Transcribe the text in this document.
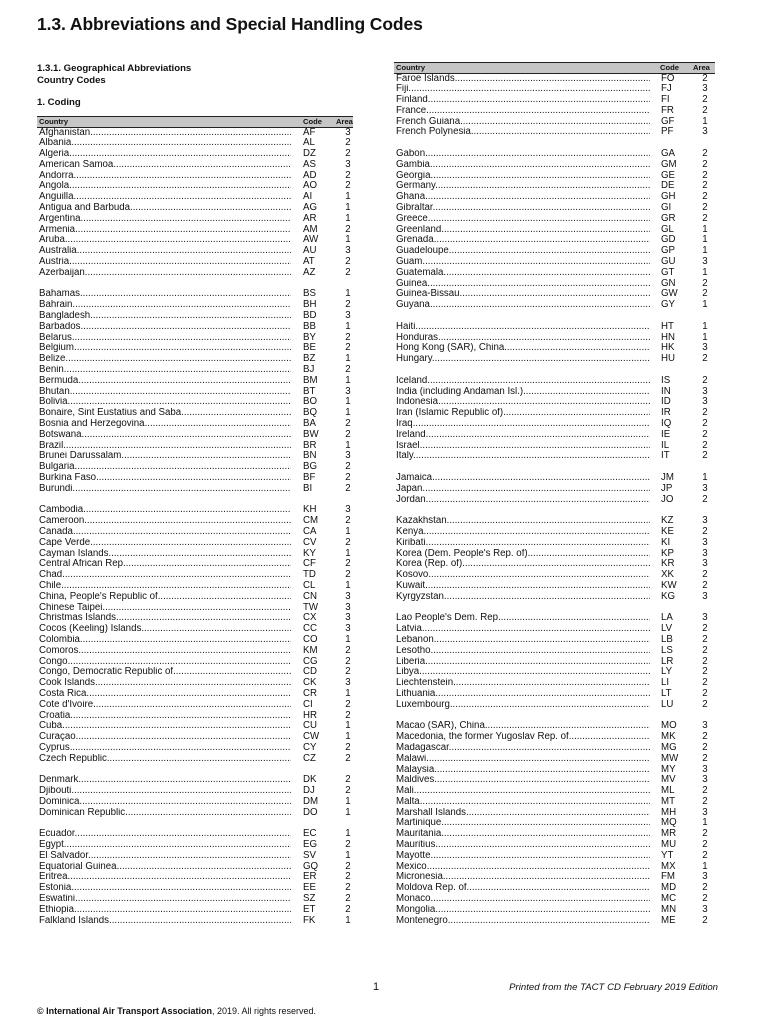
1.3. Abbreviations and Special Handling Codes
1.3.1. Geographical Abbreviations
Country Codes
1. Coding
Country	Code Area
Afghanistan .....	AF	3
Albania .....	AL	2
Algeria .....	DZ	2
American Samoa .....	AS	3
Andorra .....	AD	2
Angola .....	AO	2
Anguilla .....	AI	1
Antigua and Barbuda .....	AG	1
Argentina .....	AR	1
Armenia .....	AM	2
Aruba .....	AW	1
Australia .....	AU	3
Austria .....	AT	2
Azerbaijan .....	AZ	2
Bahamas .....	BS	1
Bahrain .....	BH	2
Bangladesh .....	BD	3
Barbados .....	BB	1
Belarus .....	BY	2
Belgium .....	BE	2
Belize .....	BZ	1
Benin .....	BJ	2
Bermuda .....	BM	1
Bhutan .....	BT	3
Bolivia .....	BO	1
Bonaire, Sint Eustatius and Saba .....	BQ	1
Bosnia and Herzegovina .....	BA	2
Botswana .....	BW	2
Brazil .....	BR	1
Brunei Darussalam .....	BN	3
Bulgaria .....	BG	2
Burkina Faso .....	BF	2
Burundi .....	BI	2
Cambodia .....	KH	3
Cameroon .....	CM	2
Canada .....	CA	1
Cape Verde .....	CV	2
Cayman Islands .....	KY	1
Central African Rep. .....	CF	2
Chad .....	TD	2
Chile .....	CL	1
China, People's Republic of .....	CN	3
Chinese Taipei .....	TW	3
Christmas Islands .....	CX	3
Cocos (Keeling) Islands .....	CC	3
Colombia .....	CO	1
Comoros .....	KM	2
Congo .....	CG	2
Congo, Democratic Republic of .....	CD	2
Cook Islands .....	CK	3
Costa Rica .....	CR	1
Cote d'Ivoire .....	CI	2
Croatia .....	HR	2
Cuba .....	CU	1
Curaçao .....	CW	1
Cyprus .....	CY	2
Czech Republic .....	CZ	2
Denmark .....	DK	2
Djibouti .....	DJ	2
Dominica .....	DM	1
Dominican Republic .....	DO	1
Ecuador .....	EC	1
Egypt .....	EG	2
El Salvador .....	SV	1
Equatorial Guinea .....	GQ	2
Eritrea .....	ER	2
Estonia .....	EE	2
Eswatini .....	SZ	2
Ethiopia .....	ET	2
Falkland Islands .....	FK	1
Country	Code Area
Faroe Islands .....	FO	2
Fiji .....	FJ	3
Finland .....	FI	2
France .....	FR	2
French Guiana .....	GF	1
French Polynesia .....	PF	3
Gabon .....	GA	2
Gambia .....	GM	2
Georgia .....	GE	2
Germany .....	DE	2
Ghana .....	GH	2
Gibraltar .....	GI	2
Greece .....	GR	2
Greenland .....	GL	1
Grenada .....	GD	1
Guadeloupe .....	GP	1
Guam .....	GU	3
Guatemala .....	GT	1
Guinea .....	GN	2
Guinea-Bissau .....	GW	2
Guyana .....	GY	1
Haiti .....	HT	1
Honduras .....	HN	1
Hong Kong (SAR), China .....	HK	3
Hungary .....	HU	2
Iceland .....	IS	2
India (including Andaman Isl.) .....	IN	3
Indonesia .....	ID	3
Iran (Islamic Republic of) .....	IR	2
Iraq .....	IQ	2
Ireland .....	IE	2
Israel .....	IL	2
Italy .....	IT	2
Jamaica .....	JM	1
Japan .....	JP	3
Jordan .....	JO	2
Kazakhstan .....	KZ	3
Kenya .....	KE	2
Kiribati .....	KI	3
Korea (Dem. People's Rep. of) .....	KP	3
Korea (Rep. of) .....	KR	3
Kosovo .....	XK	2
Kuwait .....	KW	2
Kyrgyzstan .....	KG	3
Lao People's Dem. Rep. .....	LA	3
Latvia .....	LV	2
Lebanon .....	LB	2
Lesotho .....	LS	2
Liberia .....	LR	2
Libya .....	LY	2
Liechtenstein .....	LI	2
Lithuania .....	LT	2
Luxembourg .....	LU	2
Macao (SAR), China .....	MO	3
Macedonia, the former Yugoslav Rep. of .....	MK	2
Madagascar .....	MG	2
Malawi .....	MW 2
Malaysia .....	MY	3
Maldives .....	MV	3
Mali .....	ML	2
Malta .....	MT	2
Marshall Islands .....	MH	3
Martinique .....	MQ	1
Mauritania .....	MR	2
Mauritius .....	MU	2
Mayotte .....	YT	2
Mexico .....	MX	1
Micronesia .....	FM	3
Moldova Rep. of .....	MD	2
Monaco .....	MC	2
Mongolia .....	MN	3
Montenegro .....	ME	2
1	Printed from the TACT CD February 2019 Edition
© International Air Transport Association, 2019. All rights reserved.
